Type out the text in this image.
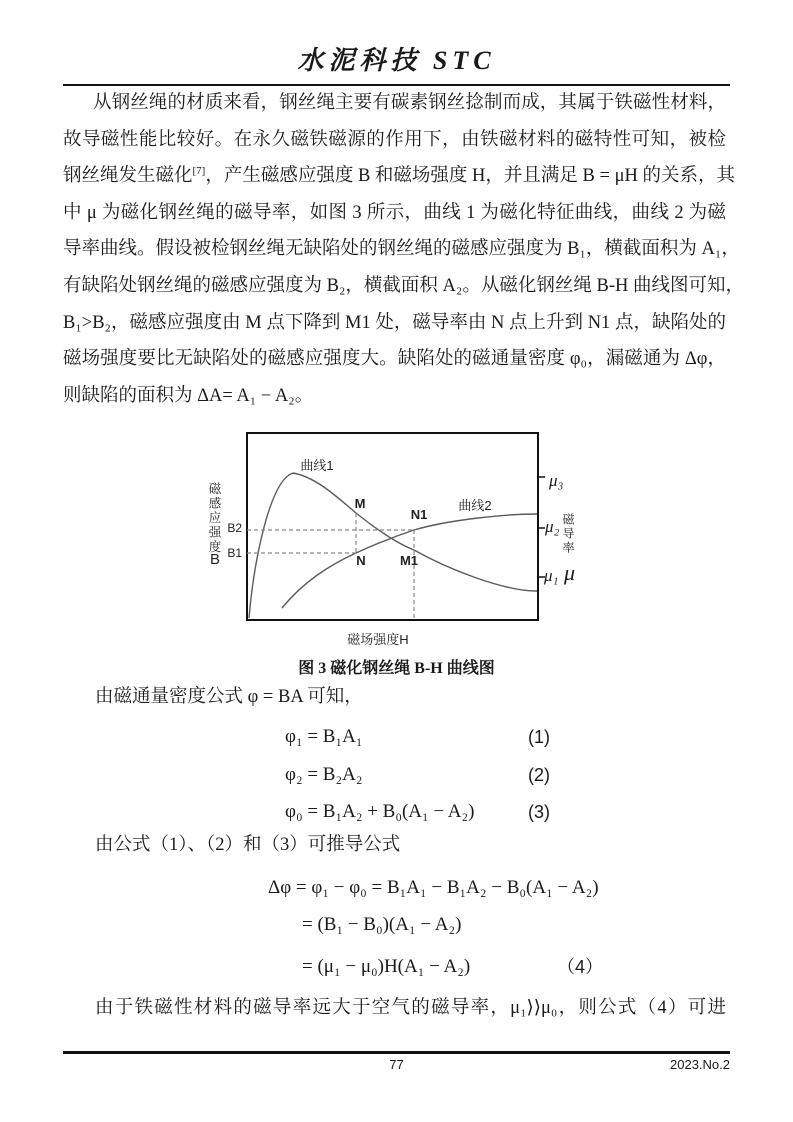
水泥科技 STC
从钢丝绳的材质来看，钢丝绳主要有碳素钢丝捻制而成，其属于铁磁性材料，
故导磁性能比较好。在永久磁铁磁源的作用下，由铁磁材料的磁特性可知，被检
钢丝绳发生磁化[7]，产生磁感应强度 B 和磁场强度 H，并且满足 B = μH 的关系，其
中 μ 为磁化钢丝绳的磁导率，如图 3 所示，曲线 1 为磁化特征曲线，曲线 2 为磁
导率曲线。假设被检钢丝绳无缺陷处的钢丝绳的磁感应强度为 B₁，横截面积为 A₁，
有缺陷处钢丝绳的磁感应强度为 B₂，横截面积 A₂。从磁化钢丝绳 B-H 曲线图可知，
B₁>B₂，磁感应强度由 M 点下降到 M1 处，磁导率由 N 点上升到 N1 点，缺陷处的
磁场强度要比无缺陷处的磁感应强度大。缺陷处的磁通量密度 φ₀，漏磁通为 Δφ，
则缺陷的面积为 ΔA= A₁ − A₂。
曲线1
曲线2
M
N1
N	M1
B2
B1
磁感应强度
B
磁场强度H
μ₃
μ₂
μ₁
磁导率
μ
图 3 磁化钢丝绳 B-H 曲线图
由磁通量密度公式 φ = BA 可知，
φ₁ = B₁A₁	(1)
φ₂ = B₂A₂	(2)
φ₀ = B₁A₂ + B₀(A₁ − A₂)	(3)
由公式（1）、（2）和（3）可推导公式
Δφ = φ₁ − φ₀ = B₁A₁ − B₁A₂ − B₀(A₁ − A₂)
= (B₁ − B₀)(A₁ − A₂)
= (μ₁ − μ₀)H(A₁ − A₂)	（4）
由于铁磁性材料的磁导率远大于空气的磁导率，μ₁⟩⟩μ₀，则公式（4）可进
77	2023.No.2
